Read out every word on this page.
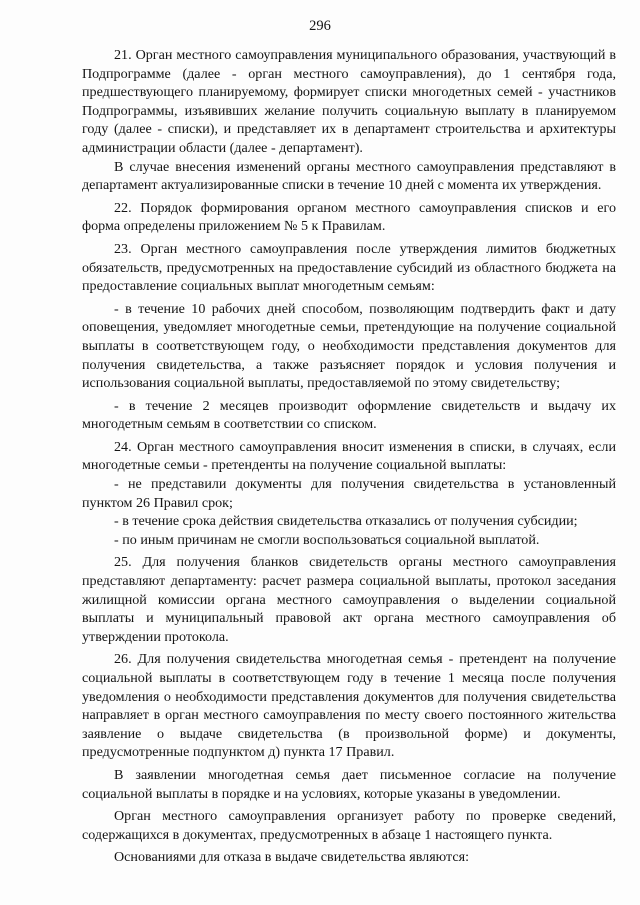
296

21. Орган местного самоуправления муниципального образования, участвующий в Подпрограмме (далее - орган местного самоуправления), до 1 сентября года, предшествующего планируемому, формирует списки многодетных семей - участников Подпрограммы, изъявивших желание получить социальную выплату в планируемом году (далее - списки), и представляет их в департамент строительства и архитектуры администрации области (далее - департамент).

В случае внесения изменений органы местного самоуправления представляют в департамент актуализированные списки в течение 10 дней с момента их утверждения.

22. Порядок формирования органом местного самоуправления списков и его форма определены приложением № 5 к Правилам.

23. Орган местного самоуправления после утверждения лимитов бюджетных обязательств, предусмотренных на предоставление субсидий из областного бюджета на предоставление социальных выплат многодетным семьям:

- в течение 10 рабочих дней способом, позволяющим подтвердить факт и дату оповещения, уведомляет многодетные семьи, претендующие на получение социальной выплаты в соответствующем году, о необходимости представления документов для получения свидетельства, а также разъясняет порядок и условия получения и использования социальной выплаты, предоставляемой по этому свидетельству;

- в течение 2 месяцев производит оформление свидетельств и выдачу их многодетным семьям в соответствии со списком.

24. Орган местного самоуправления вносит изменения в списки, в случаях, если многодетные семьи - претенденты на получение социальной выплаты:

- не представили документы для получения свидетельства в установленный пунктом 26 Правил срок;

- в течение срока действия свидетельства отказались от получения субсидии;

- по иным причинам не смогли воспользоваться социальной выплатой.

25. Для получения бланков свидетельств органы местного самоуправления представляют департаменту: расчет размера социальной выплаты, протокол заседания жилищной комиссии органа местного самоуправления о выделении социальной выплаты и муниципальный правовой акт органа местного самоуправления об утверждении протокола.

26. Для получения свидетельства многодетная семья - претендент на получение социальной выплаты в соответствующем году в течение 1 месяца после получения уведомления о необходимости представления документов для получения свидетельства направляет в орган местного самоуправления по месту своего постоянного жительства заявление о выдаче свидетельства (в произвольной форме) и документы, предусмотренные подпунктом д) пункта 17 Правил.

В заявлении многодетная семья дает письменное согласие на получение социальной выплаты в порядке и на условиях, которые указаны в уведомлении.

Орган местного самоуправления организует работу по проверке сведений, содержащихся в документах, предусмотренных в абзаце 1 настоящего пункта.

Основаниями для отказа в выдаче свидетельства являются:
